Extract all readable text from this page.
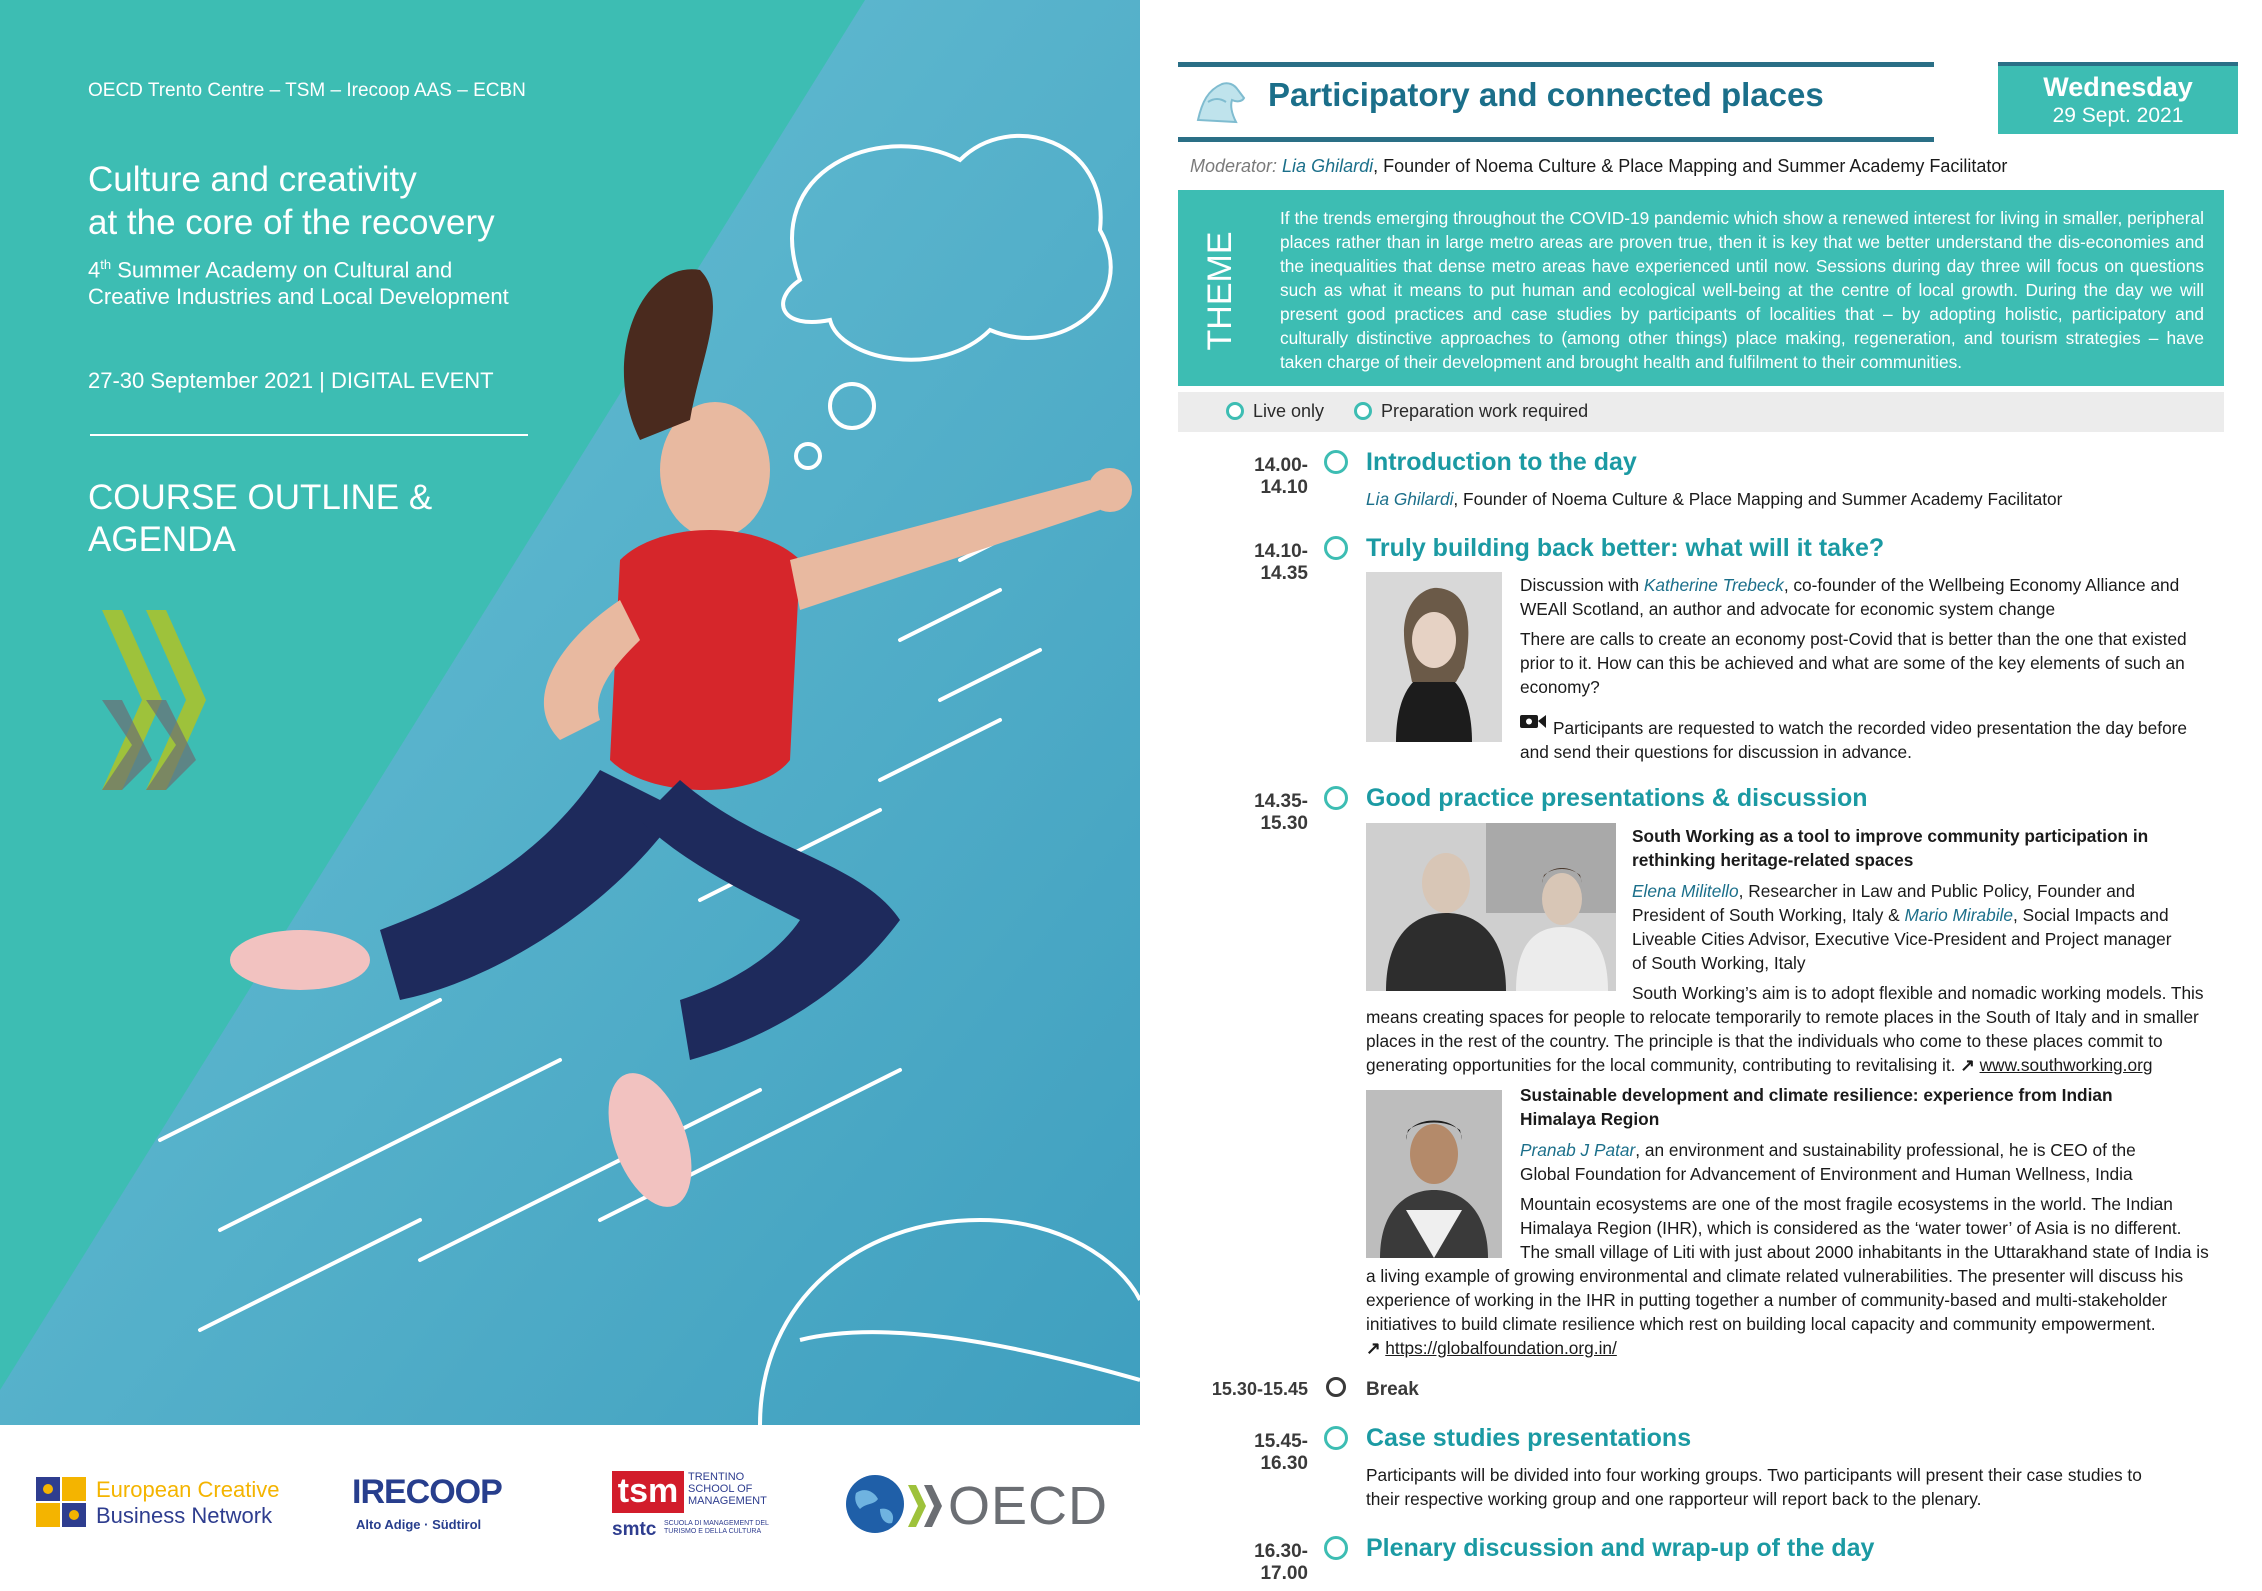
OECD Trento Centre – TSM – Irecoop AAS – ECBN
Culture and creativity
at the core of the recovery
4th Summer Academy on Cultural and
Creative Industries and Local Development
27-30 September 2021 | DIGITAL EVENT
COURSE OUTLINE &
AGENDA
European Creative
Business Network
IRECOOP
Alto Adige · Südtirol
tsm TRENTINO SCHOOL OF MANAGEMENT
smtc SCUOLA DI MANAGEMENT DEL TURISMO E DELLA CULTURA	OECD
Participatory and connected places	Wednesday
29 Sept. 2021
Moderator: Lia Ghilardi, Founder of Noema Culture & Place Mapping and Summer Academy Facilitator
THEME
If the trends emerging throughout the COVID-19 pandemic which show a renewed interest for living in smaller, peripheral places rather than in large metro areas are proven true, then it is key that we better understand the dis-economies and the inequalities that dense metro areas have experienced until now. Sessions during day three will focus on questions such as what it means to put human and ecological well-being at the centre of local growth. During the day we will present good practices and case studies by participants of localities that – by adopting holistic, participatory and culturally distinctive approaches to (among other things) place making, regeneration, and tourism strategies – have taken charge of their development and brought health and fulfilment to their communities.
Live only	Preparation work required
14.00-14.10
Introduction to the day
Lia Ghilardi, Founder of Noema Culture & Place Mapping and Summer Academy Facilitator
14.10-14.35
Truly building back better: what will it take?
Discussion with Katherine Trebeck, co-founder of the Wellbeing Economy Alliance and
WEAll Scotland, an author and advocate for economic system change
There are calls to create an economy post-Covid that is better than the one that existed
prior to it. How can this be achieved and what are some of the key elements of such an
economy?
Participants are requested to watch the recorded video presentation the day before
and send their questions for discussion in advance.
14.35-15.30
Good practice presentations & discussion
South Working as a tool to improve community participation in
rethinking heritage-related spaces
Elena Militello, Researcher in Law and Public Policy, Founder and
President of South Working, Italy & Mario Mirabile, Social Impacts and
Liveable Cities Advisor, Executive Vice-President and Project manager
of South Working, Italy
South Working’s aim is to adopt flexible and nomadic working models. This
means creating spaces for people to relocate temporarily to remote places in the South of Italy and in smaller
places in the rest of the country. The principle is that the individuals who come to these places commit to
generating opportunities for the local community, contributing to revitalising it. ↗ www.southworking.org
Sustainable development and climate resilience: experience from Indian
Himalaya Region
Pranab J Patar, an environment and sustainability professional, he is CEO of the
Global Foundation for Advancement of Environment and Human Wellness, India
Mountain ecosystems are one of the most fragile ecosystems in the world. The Indian
Himalaya Region (IHR), which is considered as the ‘water tower’ of Asia is no different.
The small village of Liti with just about 2000 inhabitants in the Uttarakhand state of India is
a living example of growing environmental and climate related vulnerabilities. The presenter will discuss his
experience of working in the IHR in putting together a number of community-based and multi-stakeholder
initiatives to build climate resilience which rest on building local capacity and community empowerment.
↗ https://globalfoundation.org.in/
15.30-15.45	Break
15.45-16.30
Case studies presentations
Participants will be divided into four working groups. Two participants will present their case studies to
their respective working group and one rapporteur will report back to the plenary.
16.30-17.00
Plenary discussion and wrap-up of the day
